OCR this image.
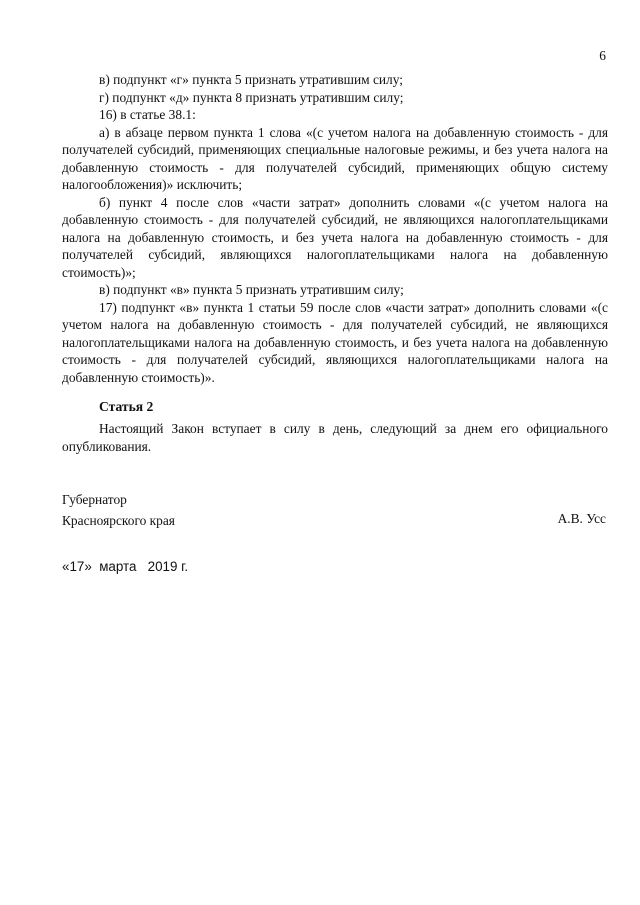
6

в) подпункт «г» пункта 5 признать утратившим силу;

г) подпункт «д» пункта 8 признать утратившим силу;

16) в статье 38.1:

а) в абзаце первом пункта 1 слова «(с учетом налога на добавленную стоимость - для получателей субсидий, применяющих специальные налоговые режимы, и без учета налога на добавленную стоимость - для получателей субсидий, применяющих общую систему налогообложения)» исключить;

б) пункт 4 после слов «части затрат» дополнить словами «(с учетом налога на добавленную стоимость - для получателей субсидий, не являющихся налогоплательщиками налога на добавленную стоимость, и без учета налога на добавленную стоимость - для получателей субсидий, являющихся налогоплательщиками налога на добавленную стоимость)»;

в) подпункт «в» пункта 5 признать утратившим силу;

17) подпункт «в» пункта 1 статьи 59 после слов «части затрат» дополнить словами «(с учетом налога на добавленную стоимость - для получателей субсидий, не являющихся налогоплательщиками налога на добавленную стоимость, и без учета налога на добавленную стоимость - для получателей субсидий, являющихся налогоплательщиками налога на добавленную стоимость)».

Статья 2

Настоящий Закон вступает в силу в день, следующий за днем его официального опубликования.

Губернатор
Красноярского края	А.В. Усс
«17»  марта   2019 г.
